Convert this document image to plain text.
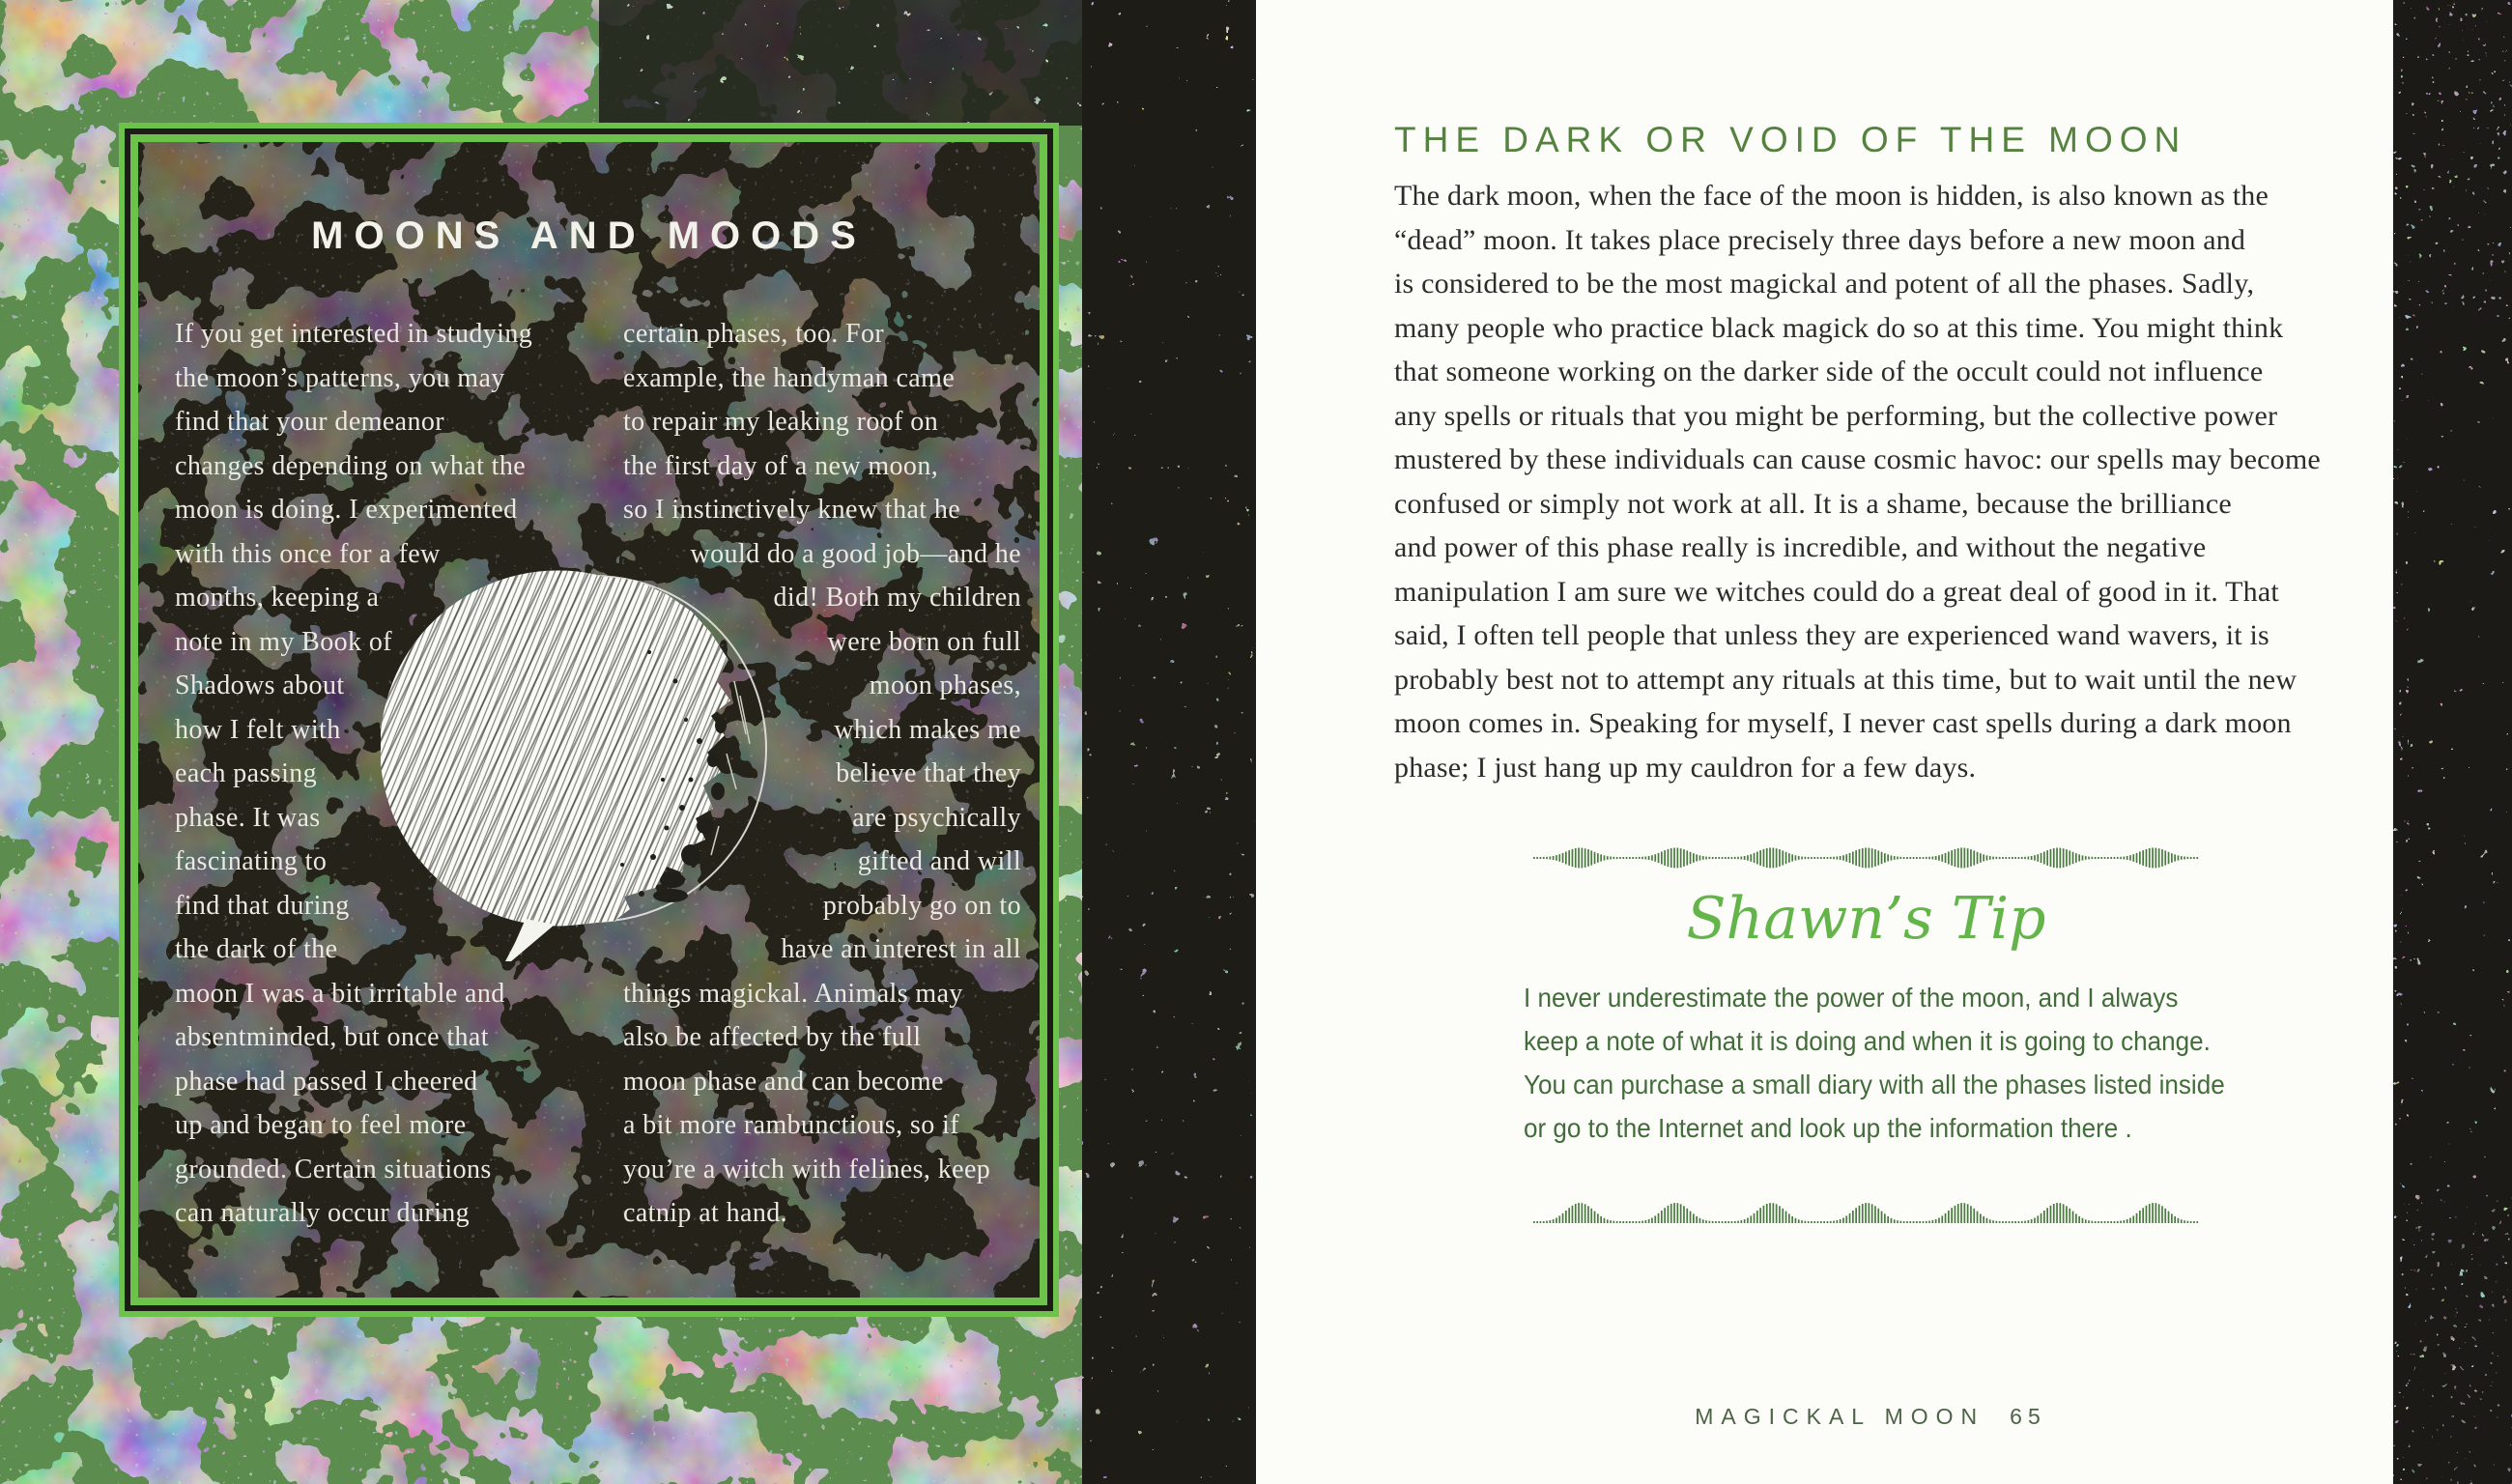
MOONS AND MOODS
If you get interested in studying
the moon’s patterns, you may
find that your demeanor
changes depending on what the
moon is doing. I experimented
with this once for a few
months, keeping a
note in my Book of
Shadows about
how I felt with
each passing
phase. It was
fascinating to
find that during
the dark of the
moon I was a bit irritable and
absentminded, but once that
phase had passed I cheered
up and began to feel more
grounded. Certain situations
can naturally occur during
certain phases, too. For
example, the handyman came
to repair my leaking roof on
the first day of a new moon,
so I instinctively knew that he
would do a good job—and he
did! Both my children
were born on full
moon phases,
which makes me
believe that they
are psychically
gifted and will
probably go on to
have an interest in all
things magickal. Animals may
also be affected by the full
moon phase and can become
a bit more rambunctious, so if
you’re a witch with felines, keep
catnip at hand.
THE DARK OR VOID OF THE MOON
The dark moon, when the face of the moon is hidden, is also known as the
“dead” moon. It takes place precisely three days before a new moon and
is considered to be the most magickal and potent of all the phases. Sadly,
many people who practice black magick do so at this time. You might think
that someone working on the darker side of the occult could not influence
any spells or rituals that you might be performing, but the collective power
mustered by these individuals can cause cosmic havoc: our spells may become
confused or simply not work at all. It is a shame, because the brilliance
and power of this phase really is incredible, and without the negative
manipulation I am sure we witches could do a great deal of good in it. That
said, I often tell people that unless they are experienced wand wavers, it is
probably best not to attempt any rituals at this time, but to wait until the new
moon comes in. Speaking for myself, I never cast spells during a dark moon
phase; I just hang up my cauldron for a few days.
Shawn’s Tip
I never underestimate the power of the moon, and I always
keep a note of what it is doing and when it is going to change.
You can purchase a small diary with all the phases listed inside
or go to the Internet and look up the information there .
MAGICKAL MOON 65
